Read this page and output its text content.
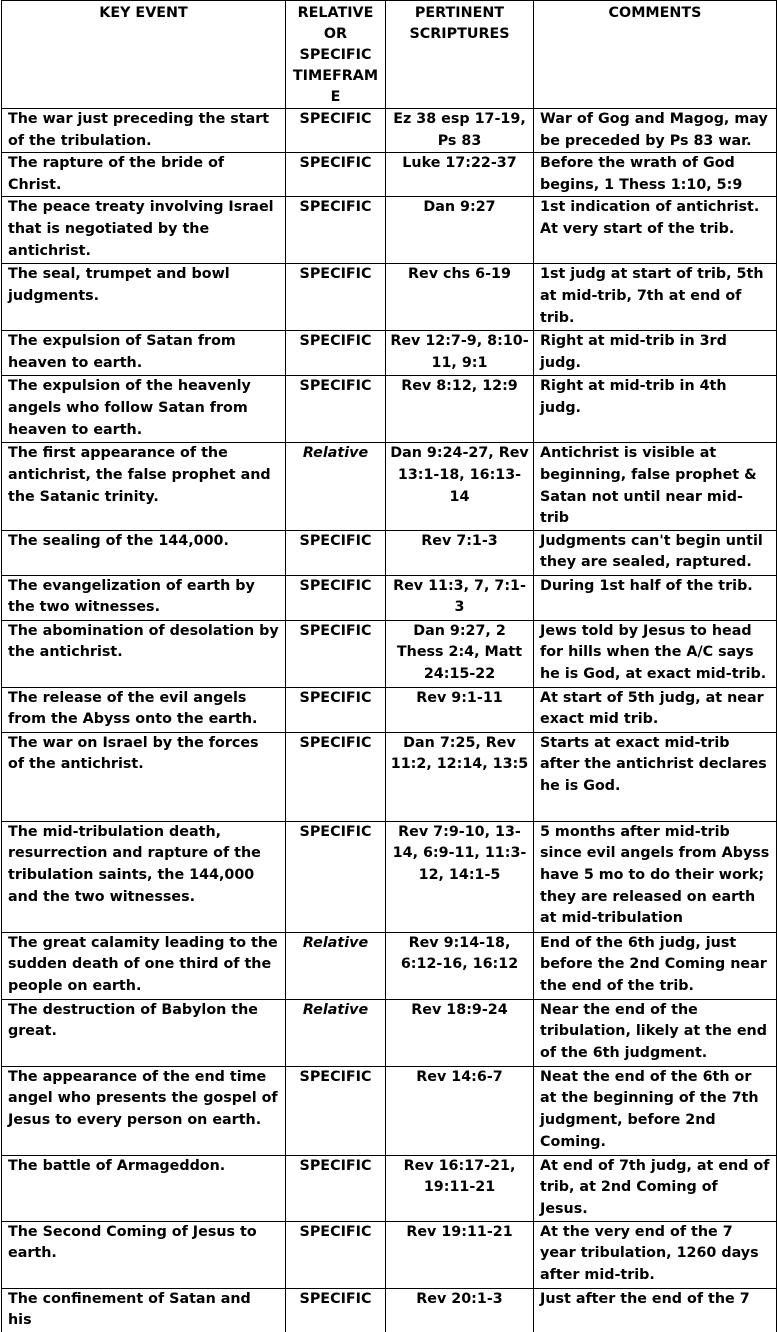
KEY EVENT	RELATIVE OR SPECIFIC TIMEFRAME	PERTINENT SCRIPTURES	COMMENTS
The war just preceding the start of the tribulation.	SPECIFIC	Ez 38 esp 17-19, Ps 83	War of Gog and Magog, may be preceded by Ps 83 war.
The rapture of the bride of Christ.	SPECIFIC	Luke 17:22-37	Before the wrath of God begins, 1 Thess 1:10, 5:9
The peace treaty involving Israel that is negotiated by the antichrist.	SPECIFIC	Dan 9:27	1st indication of antichrist. At very start of the trib.
The seal, trumpet and bowl judgments.	SPECIFIC	Rev chs 6-19	1st judg at start of trib, 5th at mid-trib, 7th at end of trib.
The expulsion of Satan from heaven to earth.	SPECIFIC	Rev 12:7-9, 8:10-11, 9:1	Right at mid-trib in 3rd judg.
The expulsion of the heavenly angels who follow Satan from heaven to earth.	SPECIFIC	Rev 8:12, 12:9	Right at mid-trib in 4th judg.
The first appearance of the antichrist, the false prophet and the Satanic trinity.	Relative	Dan 9:24-27, Rev 13:1-18, 16:13-14	Antichrist is visible at beginning, false prophet & Satan not until near mid-trib
The sealing of the 144,000.	SPECIFIC	Rev 7:1-3	Judgments can't begin until they are sealed, raptured.
The evangelization of earth by the two witnesses.	SPECIFIC	Rev 11:3, 7, 7:1-3	During 1st half of the trib.
The abomination of desolation by the antichrist.	SPECIFIC	Dan 9:27, 2 Thess 2:4, Matt 24:15-22	Jews told by Jesus to head for hills when the A/C says he is God, at exact mid-trib.
The release of the evil angels from the Abyss onto the earth.	SPECIFIC	Rev 9:1-11	At start of 5th judg, at near exact mid trib.
The war on Israel by the forces of the antichrist.	SPECIFIC	Dan 7:25, Rev 11:2, 12:14, 13:5	Starts at exact mid-trib after the antichrist declares he is God.
The mid-tribulation death, resurrection and rapture of the tribulation saints, the 144,000 and the two witnesses.	SPECIFIC	Rev 7:9-10, 13-14, 6:9-11, 11:3-12, 14:1-5	5 months after mid-trib since evil angels from Abyss have 5 mo to do their work; they are released on earth at mid-tribulation
The great calamity leading to the sudden death of one third of the people on earth.	Relative	Rev 9:14-18, 6:12-16, 16:12	End of the 6th judg, just before the 2nd Coming near the end of the trib.
The destruction of Babylon the great.	Relative	Rev 18:9-24	Near the end of the tribulation, likely at the end of the 6th judgment.
The appearance of the end time angel who presents the gospel of Jesus to every person on earth.	SPECIFIC	Rev 14:6-7	Neat the end of the 6th or at the beginning of the 7th judgment, before 2nd Coming.
The battle of Armageddon.	SPECIFIC	Rev 16:17-21, 19:11-21	At end of 7th judg, at end of trib, at 2nd Coming of Jesus.
The Second Coming of Jesus to earth.	SPECIFIC	Rev 19:11-21	At the very end of the 7 year tribulation, 1260 days after mid-trib.
The confinement of Satan and his	SPECIFIC	Rev 20:1-3	Just after the end of the 7
